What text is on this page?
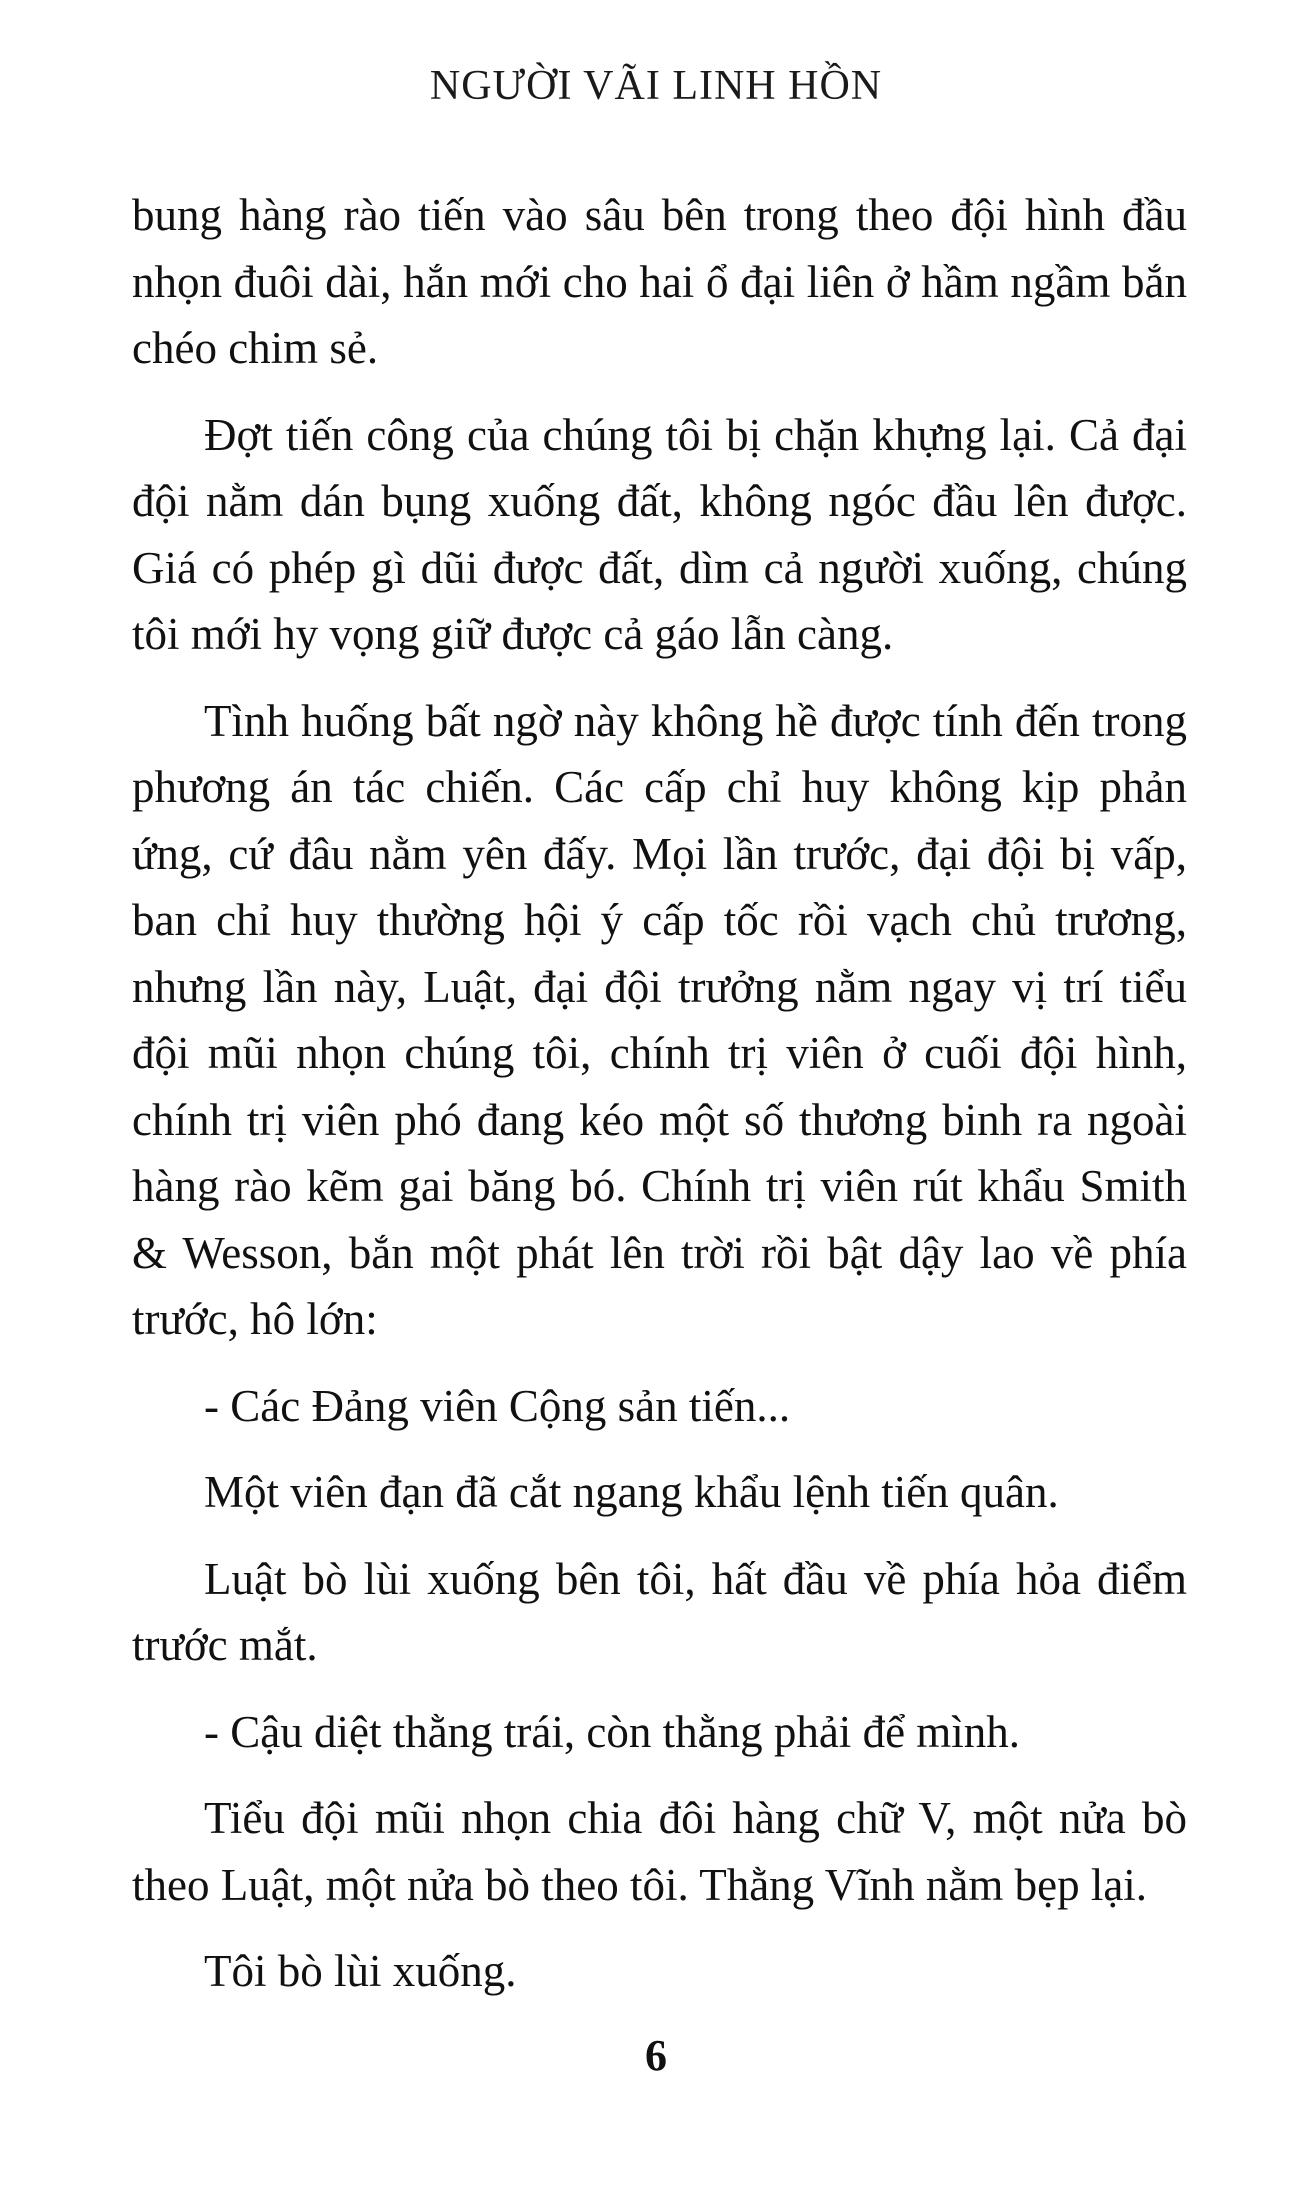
NGƯỜI VÃI LINH HỒN

bung hàng rào tiến vào sâu bên trong theo đội hình đầu nhọn đuôi dài, hắn mới cho hai ổ đại liên ở hầm ngầm bắn chéo chim sẻ.

Đợt tiến công của chúng tôi bị chặn khựng lại. Cả đại đội nằm dán bụng xuống đất, không ngóc đầu lên được. Giá có phép gì dũi được đất, dìm cả người xuống, chúng tôi mới hy vọng giữ được cả gáo lẫn càng.

Tình huống bất ngờ này không hề được tính đến trong phương án tác chiến. Các cấp chỉ huy không kịp phản ứng, cứ đâu nằm yên đấy. Mọi lần trước, đại đội bị vấp, ban chỉ huy thường hội ý cấp tốc rồi vạch chủ trương, nhưng lần này, Luật, đại đội trưởng nằm ngay vị trí tiểu đội mũi nhọn chúng tôi, chính trị viên ở cuối đội hình, chính trị viên phó đang kéo một số thương binh ra ngoài hàng rào kẽm gai băng bó. Chính trị viên rút khẩu Smith & Wesson, bắn một phát lên trời rồi bật dậy lao về phía trước, hô lớn:

- Các Đảng viên Cộng sản tiến...

Một viên đạn đã cắt ngang khẩu lệnh tiến quân.

Luật bò lùi xuống bên tôi, hất đầu về phía hỏa điểm trước mắt.

- Cậu diệt thằng trái, còn thằng phải để mình.

Tiểu đội mũi nhọn chia đôi hàng chữ V, một nửa bò theo Luật, một nửa bò theo tôi. Thằng Vĩnh nằm bẹp lại.

Tôi bò lùi xuống.

6
